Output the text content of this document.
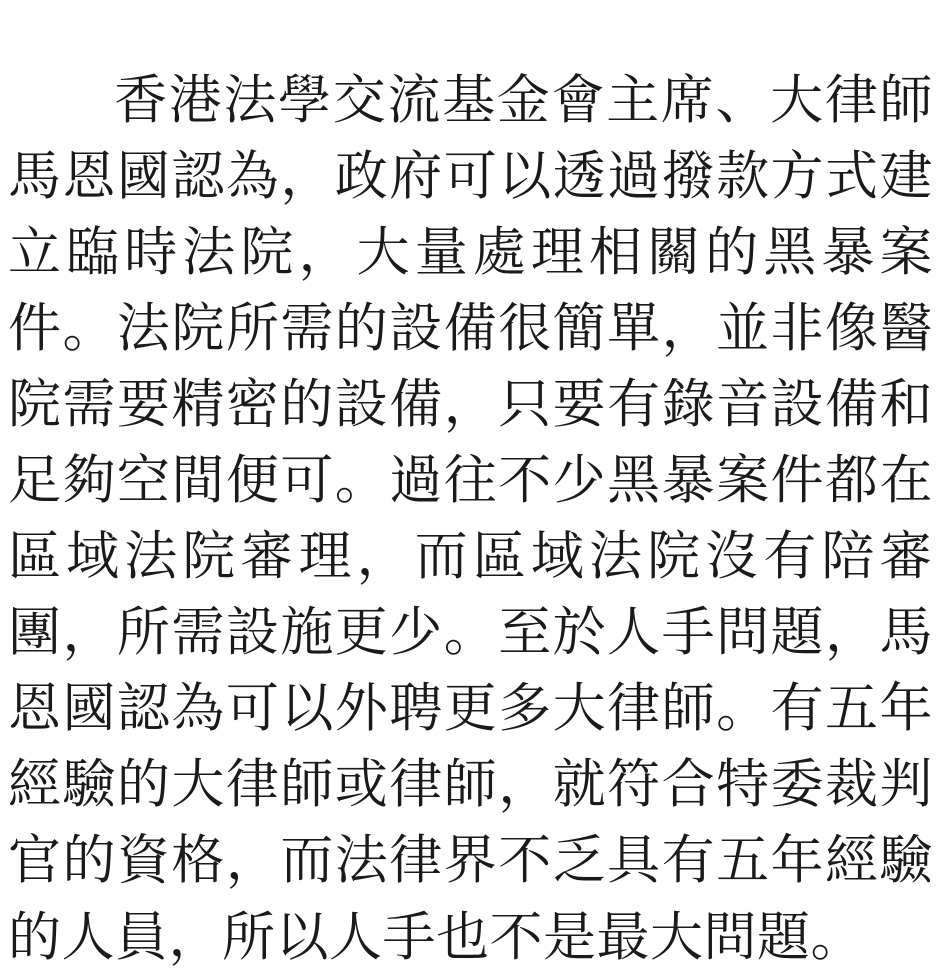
香港法學交流基金會主席、大律師馬恩國認為，政府可以透過撥款方式建立臨時法院，大量處理相關的黑暴案件。法院所需的設備很簡單，並非像醫院需要精密的設備，只要有錄音設備和足夠空間便可。過往不少黑暴案件都在區域法院審理，而區域法院沒有陪審團，所需設施更少。至於人手問題，馬恩國認為可以外聘更多大律師。有五年經驗的大律師或律師，就符合特委裁判官的資格，而法律界不乏具有五年經驗的人員，所以人手也不是最大問題。
